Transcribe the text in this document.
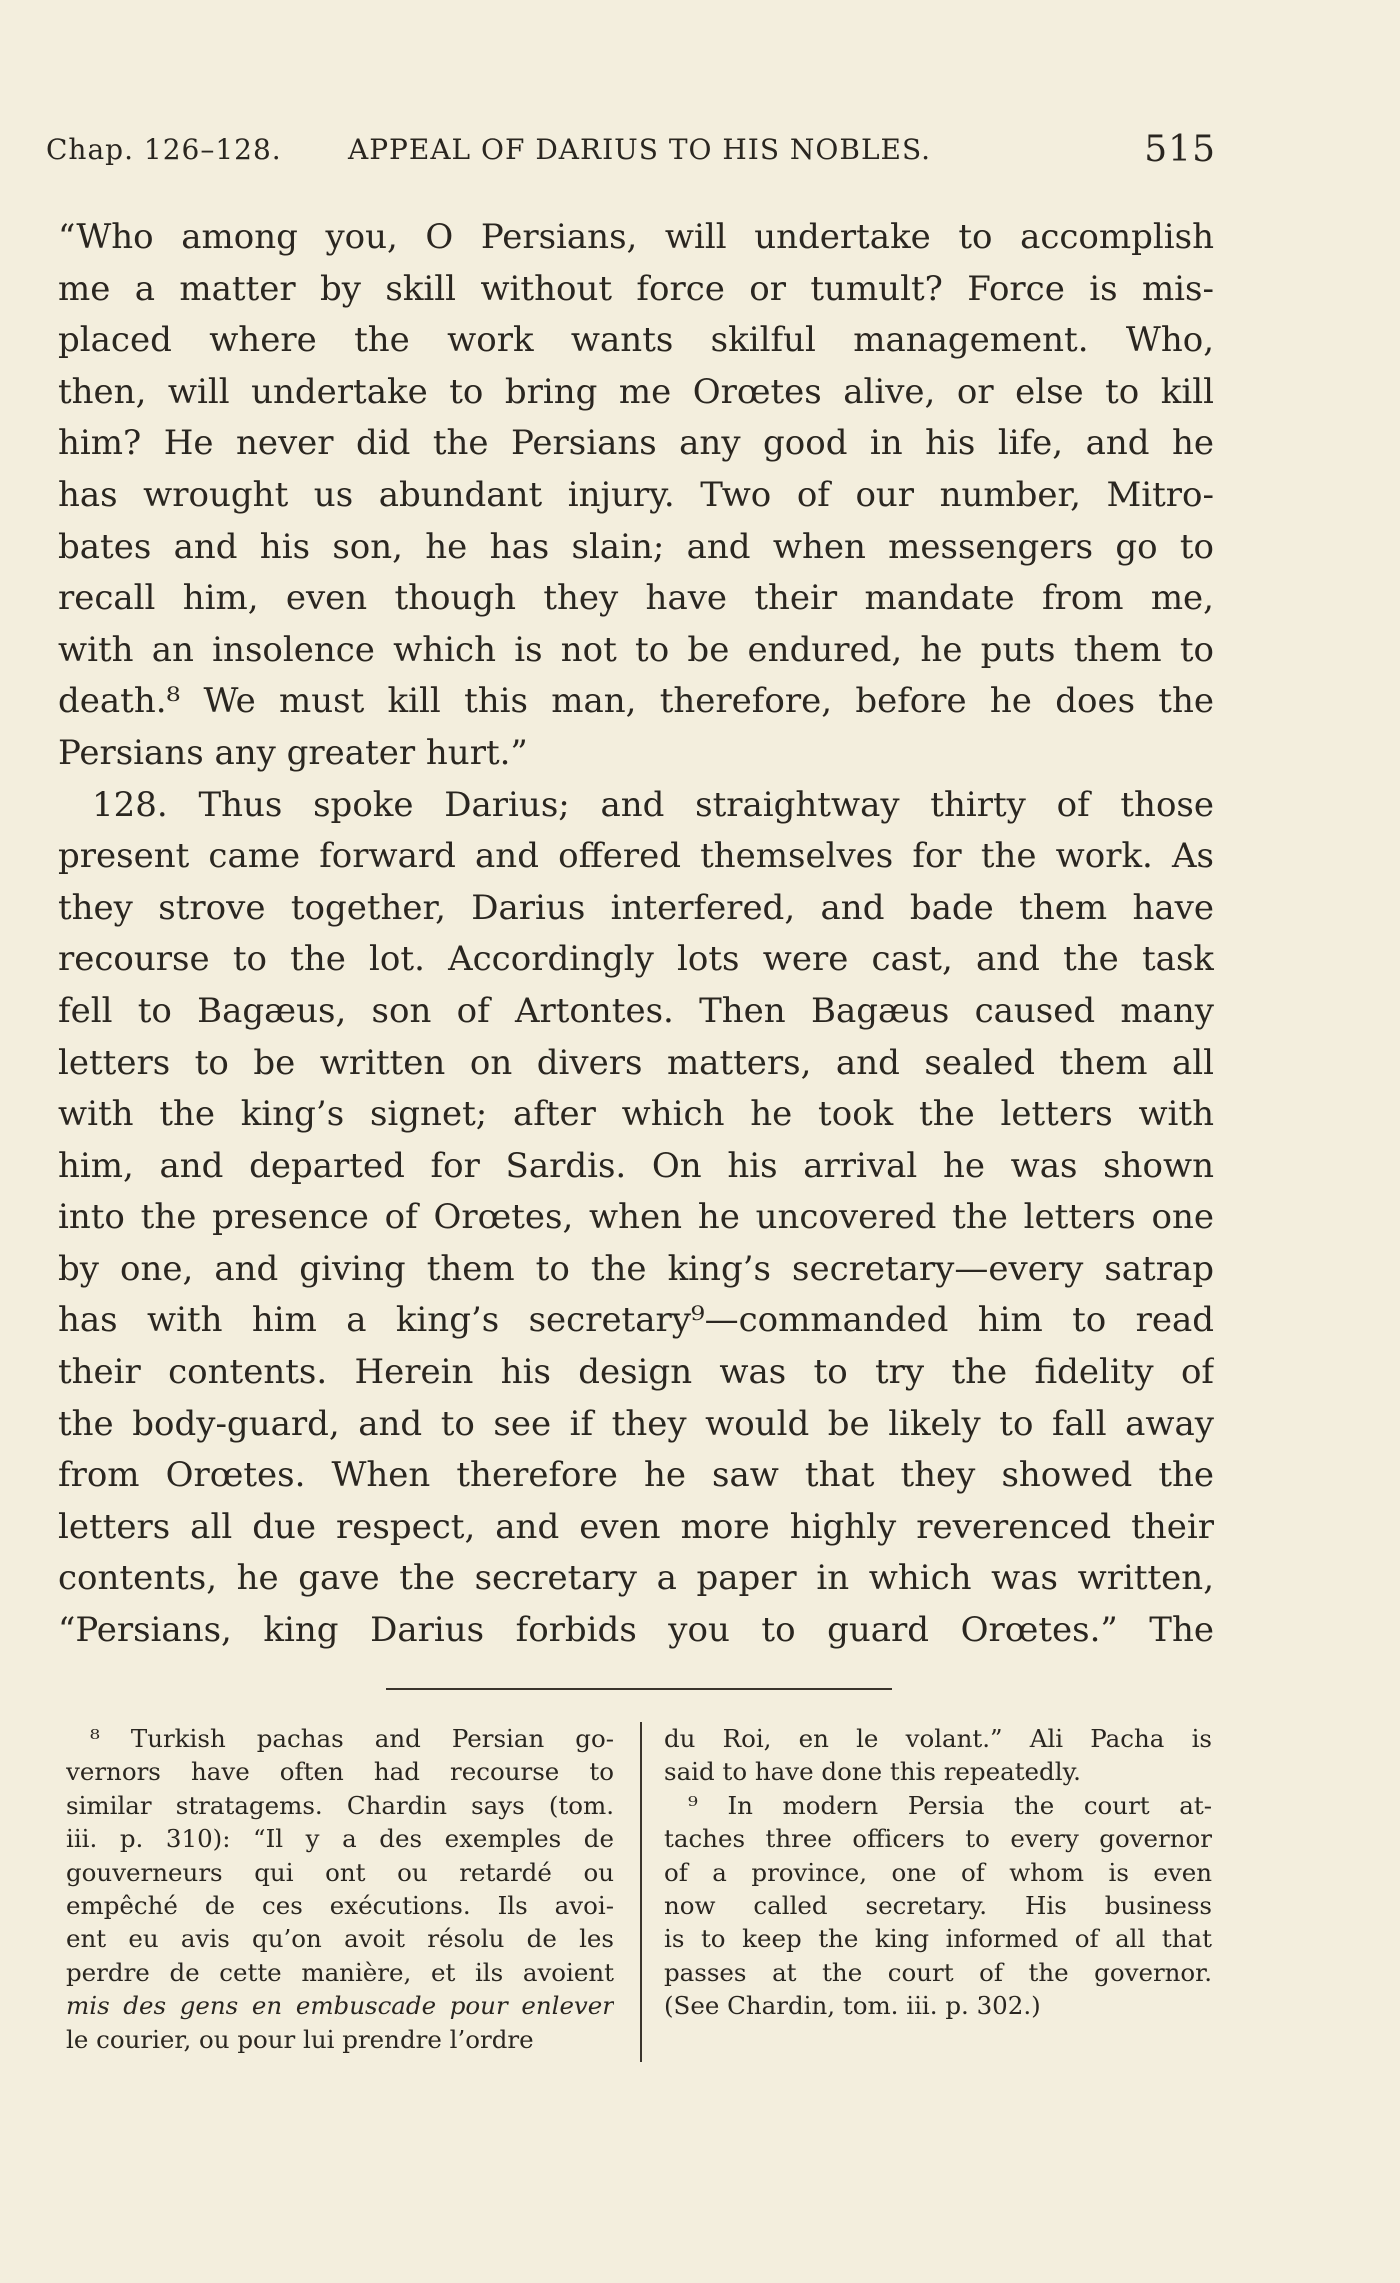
Chap. 126–128. APPEAL OF DARIUS TO HIS NOBLES.	515
“Who among you, O Persians, will undertake to accomplish
me a matter by skill without force or tumult? Force is mis-
placed where the work wants skilful management. Who,
then, will undertake to bring me Orœtes alive, or else to kill
him? He never did the Persians any good in his life, and he
has wrought us abundant injury. Two of our number, Mitro-
bates and his son, he has slain; and when messengers go to
recall him, even though they have their mandate from me,
with an insolence which is not to be endured, he puts them to
death.⁸ We must kill this man, therefore, before he does the
Persians any greater hurt.”
128. Thus spoke Darius; and straightway thirty of those
present came forward and offered themselves for the work. As
they strove together, Darius interfered, and bade them have
recourse to the lot. Accordingly lots were cast, and the task
fell to Bagæus, son of Artontes. Then Bagæus caused many
letters to be written on divers matters, and sealed them all
with the king’s signet; after which he took the letters with
him, and departed for Sardis. On his arrival he was shown
into the presence of Orœtes, when he uncovered the letters one
by one, and giving them to the king’s secretary—every satrap
has with him a king’s secretary⁹—commanded him to read
their contents. Herein his design was to try the fidelity of
the body-guard, and to see if they would be likely to fall away
from Orœtes. When therefore he saw that they showed the
letters all due respect, and even more highly reverenced their
contents, he gave the secretary a paper in which was written,
“Persians, king Darius forbids you to guard Orœtes.” The
⁸ Turkish pachas and Persian go-
vernors have often had recourse to
similar stratagems. Chardin says (tom.
iii. p. 310): “Il y a des exemples de
gouverneurs qui ont ou retardé ou
empêché de ces exécutions. Ils avoi-
ent eu avis qu’on avoit résolu de les
perdre de cette manière, et ils avoient
mis des gens en embuscade pour enlever
le courier, ou pour lui prendre l’ordre
du Roi, en le volant.” Ali Pacha is
said to have done this repeatedly.
⁹ In modern Persia the court at-
taches three officers to every governor
of a province, one of whom is even
now called secretary. His business
is to keep the king informed of all that
passes at the court of the governor.
(See Chardin, tom. iii. p. 302.)
